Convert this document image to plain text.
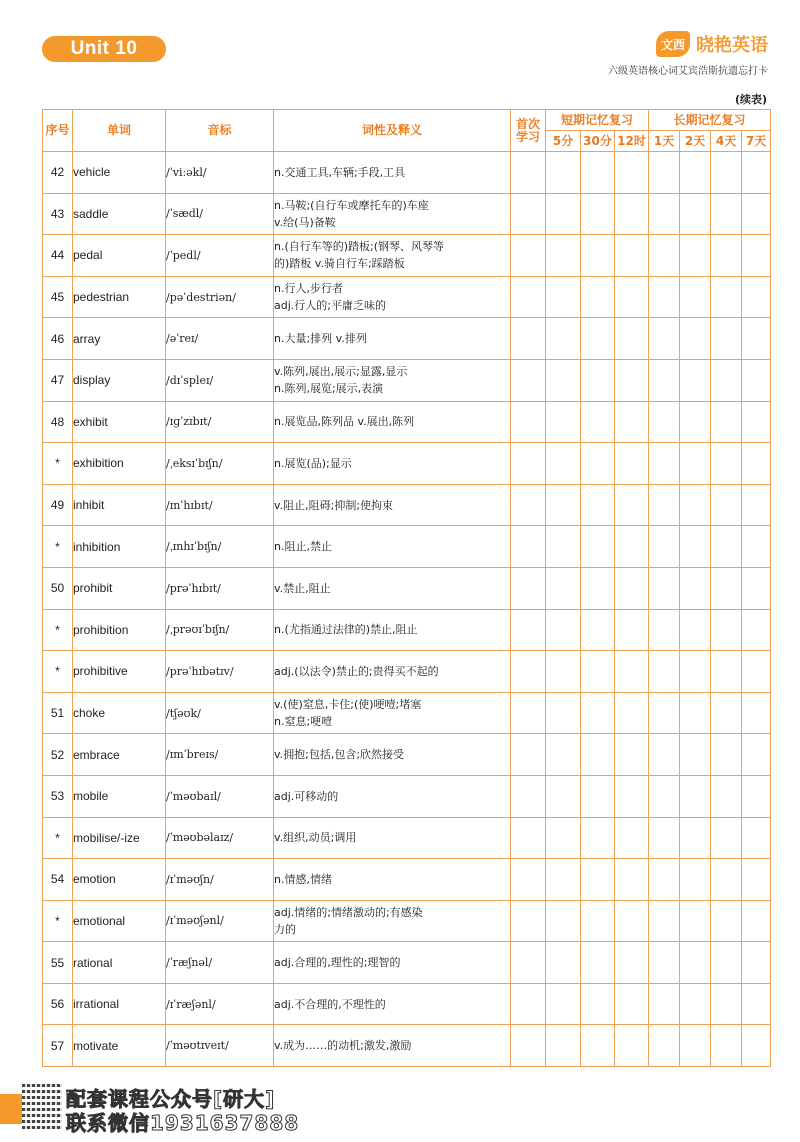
Unit 10	文西 晓艳英语
六级英语核心词艾宾浩斯抗遗忘打卡
(续表)
序号	单词	音标	词性及释义	首次学习	短期记忆复习			长期记忆复习			
					5分	30分	12时	1天	2天	4天	7天
42	vehicle	/ˈviːəkl/	n.交通工具,车辆;手段,工具								

43	saddle	/ˈsædl/	n.马鞍;(自行车或摩托车的)车座
v.给(马)备鞍								

44	pedal	/ˈpedl/	n.(自行车等的)踏板;(钢琴、风琴等
的)踏板 v.骑自行车;踩踏板								

45	pedestrian	/pəˈdestriən/	n.行人,步行者
adj.行人的;平庸乏味的								

46	array	/əˈreɪ/	n.大量;排列 v.排列								

47	display	/dɪˈspleɪ/	v.陈列,展出,展示;显露,显示
n.陈列,展览;展示,表演								

48	exhibit	/ɪɡˈzɪbɪt/	n.展览品,陈列品 v.展出,陈列								

*	exhibition	/ˌeksɪˈbɪʃn/	n.展览(品);显示								

49	inhibit	/ɪnˈhɪbɪt/	v.阻止,阻碍;抑制;使拘束								

*	inhibition	/ˌɪnhɪˈbɪʃn/	n.阻止,禁止								

50	prohibit	/prəˈhɪbɪt/	v.禁止,阻止								

*	prohibition	/ˌprəʊɪˈbɪʃn/	n.(尤指通过法律的)禁止,阻止								

*	prohibitive	/prəˈhɪbətɪv/	adj.(以法令)禁止的;贵得买不起的								

51	choke	/tʃəʊk/	v.(使)窒息,卡住;(使)哽噎;堵塞
n.窒息;哽噎								

52	embrace	/ɪmˈbreɪs/	v.拥抱;包括,包含;欣然接受								

53	mobile	/ˈməʊbaɪl/	adj.可移动的								

*	mobilise/-ize	/ˈməʊbəlaɪz/	v.组织,动员;调用								

54	emotion	/ɪˈməʊʃn/	n.情感,情绪								

*	emotional	/ɪˈməʊʃənl/	adj.情绪的;情绪激动的;有感染
力的								

55	rational	/ˈræʃnəl/	adj.合理的,理性的;理智的								

56	irrational	/ɪˈræʃənl/	adj.不合理的,不理性的								

57	motivate	/ˈməʊtɪveɪt/	v.成为……的动机;激发,激励								

配套课程公众号[研大]
联系微信1931637888
